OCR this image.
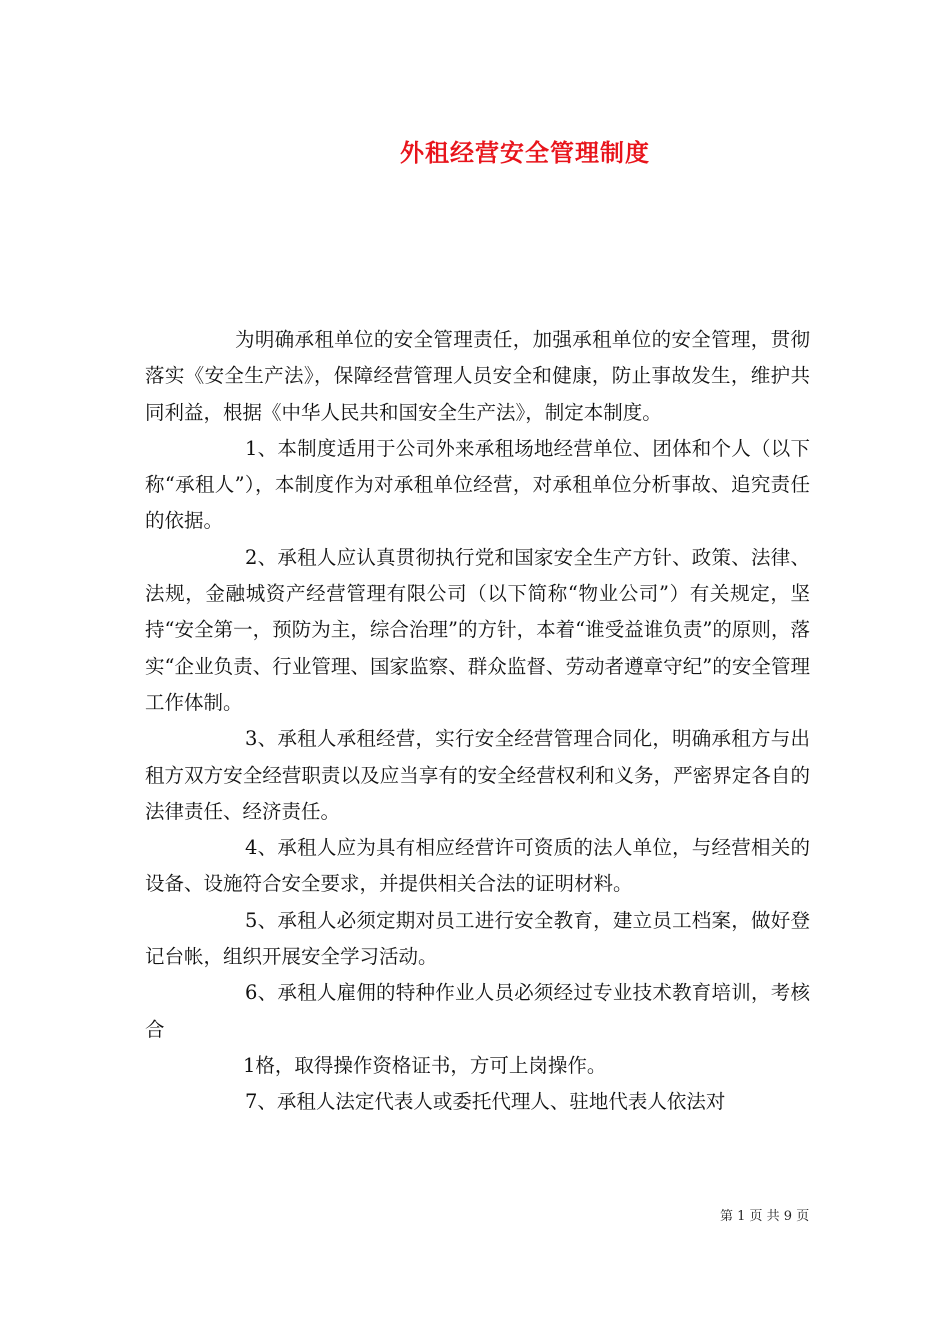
外租经营安全管理制度

为明确承租单位的安全管理责任，加强承租单位的安全管理，贯彻落实《安全生产法》，保障经营管理人员安全和健康，防止事故发生，维护共同利益，根据《中华人民共和国安全生产法》，制定本制度。

1、本制度适用于公司外来承租场地经营单位、团体和个人（以下称“承租人”），本制度作为对承租单位经营，对承租单位分析事故、追究责任的依据。

2、承租人应认真贯彻执行党和国家安全生产方针、政策、法律、法规，金融城资产经营管理有限公司（以下简称“物业公司”）有关规定，坚持“安全第一，预防为主，综合治理”的方针，本着“谁受益谁负责”的原则，落实“企业负责、行业管理、国家监察、群众监督、劳动者遵章守纪”的安全管理工作体制。

3、承租人承租经营，实行安全经营管理合同化，明确承租方与出租方双方安全经营职责以及应当享有的安全经营权利和义务，严密界定各自的法律责任、经济责任。

4、承租人应为具有相应经营许可资质的法人单位，与经营相关的设备、设施符合安全要求，并提供相关合法的证明材料。

5、承租人必须定期对员工进行安全教育，建立员工档案，做好登记台帐，组织开展安全学习活动。

6、承租人雇佣的特种作业人员必须经过专业技术教育培训，考核合

1格，取得操作资格证书，方可上岗操作。

7、承租人法定代表人或委托代理人、驻地代表人依法对

第 1 页 共 9 页
